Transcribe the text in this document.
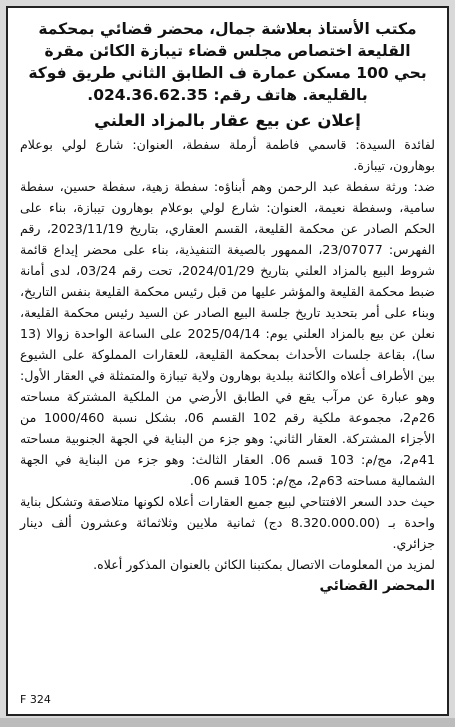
مكتب الأستاذ بعلاشة جمال، محضر قضائي بمحكمة

القليعة اختصاص مجلس قضاء تيبازة الكائن مقرة

بحي 100 مسكن عمارة ف الطابق الثاني طريق فوكة

بالقليعة. هاتف رقم: 024.36.62.35.

إعلان عن بيع عقار بالمزاد العلني

لفائدة السيدة: قاسمي فاطمة أرملة سفطة، العنوان: شارع لولي بوعلام بوهارون، تيبازة.

ضد: ورثة سفطة عبد الرحمن وهم أبناؤه: سفطة زهية، سفطة حسين، سفطة سامية، وسفطة نعيمة، العنوان: شارع لولي بوعلام بوهارون تيبازة، بناء على الحكم الصادر عن محكمة القليعة، القسم العقاري، بتاريخ 2023/11/19، رقم الفهرس: 23/07077، الممهور بالصيغة التنفيذية، بناء على محضر إيداع قائمة شروط البيع بالمزاد العلني بتاريخ 2024/01/29، تحت رقم 03/24، لدى أمانة ضبط محكمة القليعة والمؤشر عليها من قبل رئيس محكمة القليعة بنفس التاريخ، وبناء على أمر بتحديد تاريخ جلسة البيع الصادر عن السيد رئيس محكمة القليعة، نعلن عن بيع بالمزاد العلني يوم: 2025/04/14 على الساعة الواحدة زوالا (13 سا)، بقاعة جلسات الأحداث بمحكمة القليعة، للعقارات المملوكة على الشيوع بين الأطراف أعلاه والكائنة ببلدية بوهارون ولاية تيبازة والمتمثلة في العقار الأول: وهو عبارة عن مرآب يقع في الطابق الأرضي من الملكية المشتركة مساحته 26م2، مجموعة ملكية رقم 102 القسم 06، بشكل نسبة 1000/460 من الأجزاء المشتركة. العقار الثاني: وهو جزء من البناية في الجهة الجنوبية مساحته 41م2، مج/م: 103 قسم 06. العقار الثالث: وهو جزء من البناية في الجهة الشمالية مساحته 63م2، مج/م: 105 قسم 06.

حيث حدد السعر الافتتاحي لبيع جميع العقارات أعلاه لكونها متلاصقة وتشكل بناية واحدة بـ (8.320.000.00 دج) ثمانية ملايين وثلاثمائة وعشرون ألف دينار جزائري.

لمزيد من المعلومات الاتصال بمكتبنا الكائن بالعنوان المذكور أعلاه.

المحضر القضائي
F 324
